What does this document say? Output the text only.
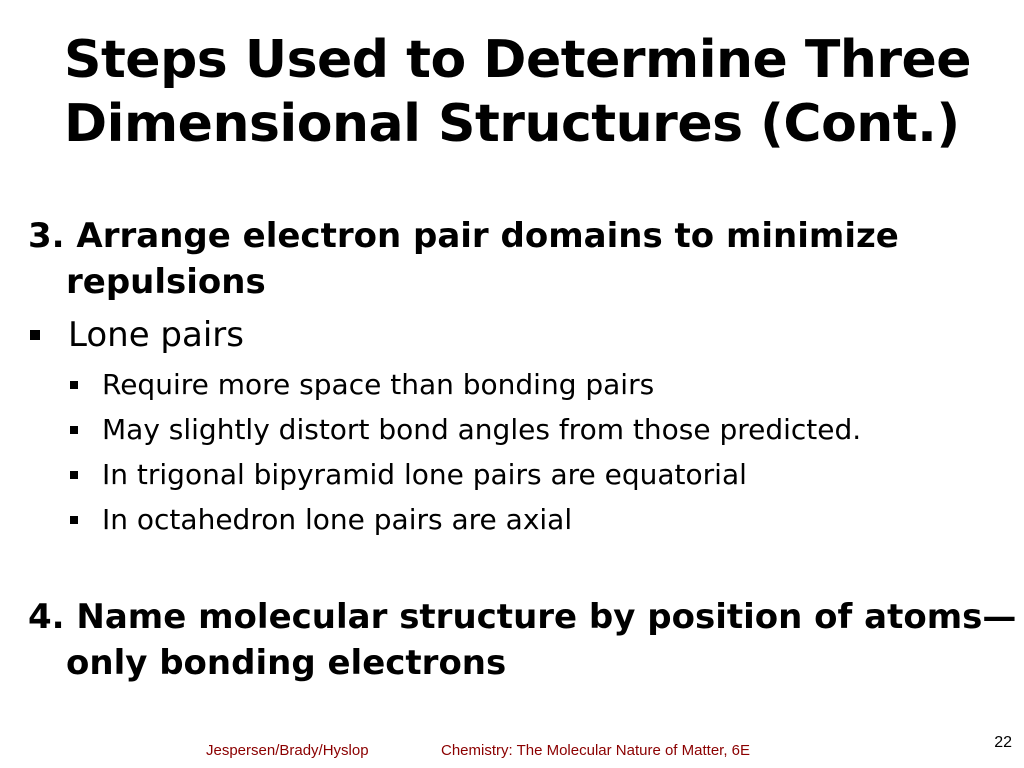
Steps Used to Determine Three Dimensional Structures (Cont.)
3. Arrange electron pair domains to minimize repulsions
Lone pairs
Require more space than bonding pairs
May slightly distort bond angles from those predicted.
In trigonal bipyramid lone pairs are equatorial
In octahedron lone pairs are axial
4. Name molecular structure by position of atoms—only bonding electrons
Jespersen/Brady/Hyslop	Chemistry: The Molecular Nature of Matter, 6E	22
